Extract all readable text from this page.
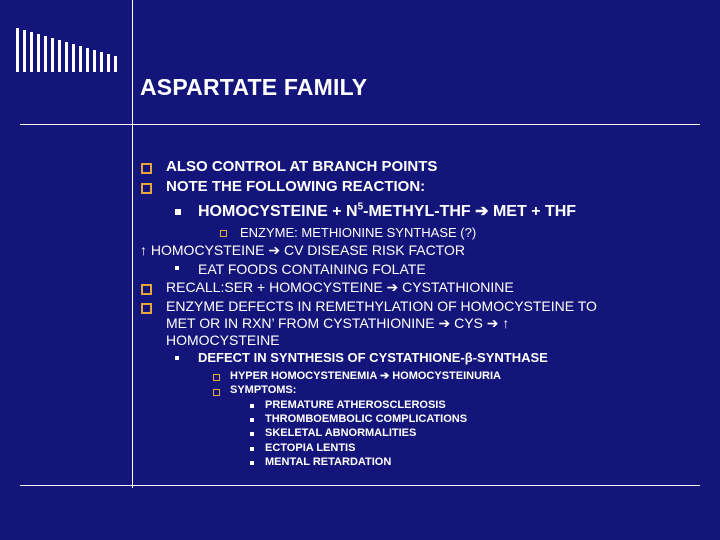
ASPARTATE FAMILY
ALSO CONTROL AT BRANCH POINTS
NOTE THE FOLLOWING REACTION:
HOMOCYSTEINE + $N^5-METHYL$-THF ➔ MET + THF
ENZYME: METHIONINE SYNTHASE (?)
↑ HOMOCYSTEINE ➔ CV DISEASE RISK FACTOR
EAT FOODS CONTAINING FOLATE
RECALL:SER + HOMOCYSTEINE ➔ CYSTATHIONINE
ENZYME DEFECTS IN REMETHYLATION OF HOMOCYSTEINE TO
MET OR IN RXN’ FROM CYSTATHIONINE ➔ CYS ➔ ↑
HOMOCYSTEINE
DEFECT IN SYNTHESIS OF CYSTATHIONE-β-SYNTHASE
HYPER HOMOCYSTENEMIA ➔ HOMOCYSTEINURIA
SYMPTOMS:
PREMATURE ATHEROSCLEROSIS
THROMBOEMBOLIC COMPLICATIONS
SKELETAL ABNORMALITIES
ECTOPIA LENTIS
MENTAL RETARDATION
